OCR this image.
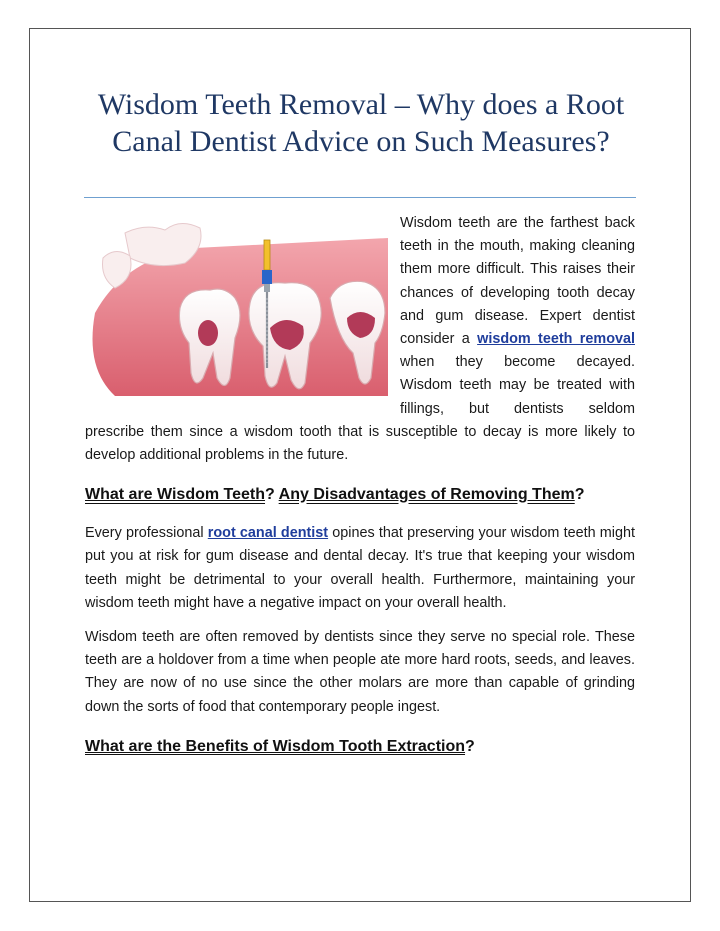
Wisdom Teeth Removal – Why does a Root Canal Dentist Advice on Such Measures?

Wisdom teeth are the farthest back teeth in the mouth, making cleaning them more difficult. This raises their chances of developing tooth decay and gum disease. Expert dentist consider a wisdom teeth removal when they become decayed. Wisdom teeth may be treated with fillings, but dentists seldom prescribe them since a wisdom tooth that is susceptible to decay is more likely to develop additional problems in the future.

What are Wisdom Teeth? Any Disadvantages of Removing Them?

Every professional root canal dentist opines that preserving your wisdom teeth might put you at risk for gum disease and dental decay. It's true that keeping your wisdom teeth might be detrimental to your overall health. Furthermore, maintaining your wisdom teeth might have a negative impact on your overall health.

Wisdom teeth are often removed by dentists since they serve no special role. These teeth are a holdover from a time when people ate more hard roots, seeds, and leaves. They are now of no use since the other molars are more than capable of grinding down the sorts of food that contemporary people ingest.

What are the Benefits of Wisdom Tooth Extraction?
